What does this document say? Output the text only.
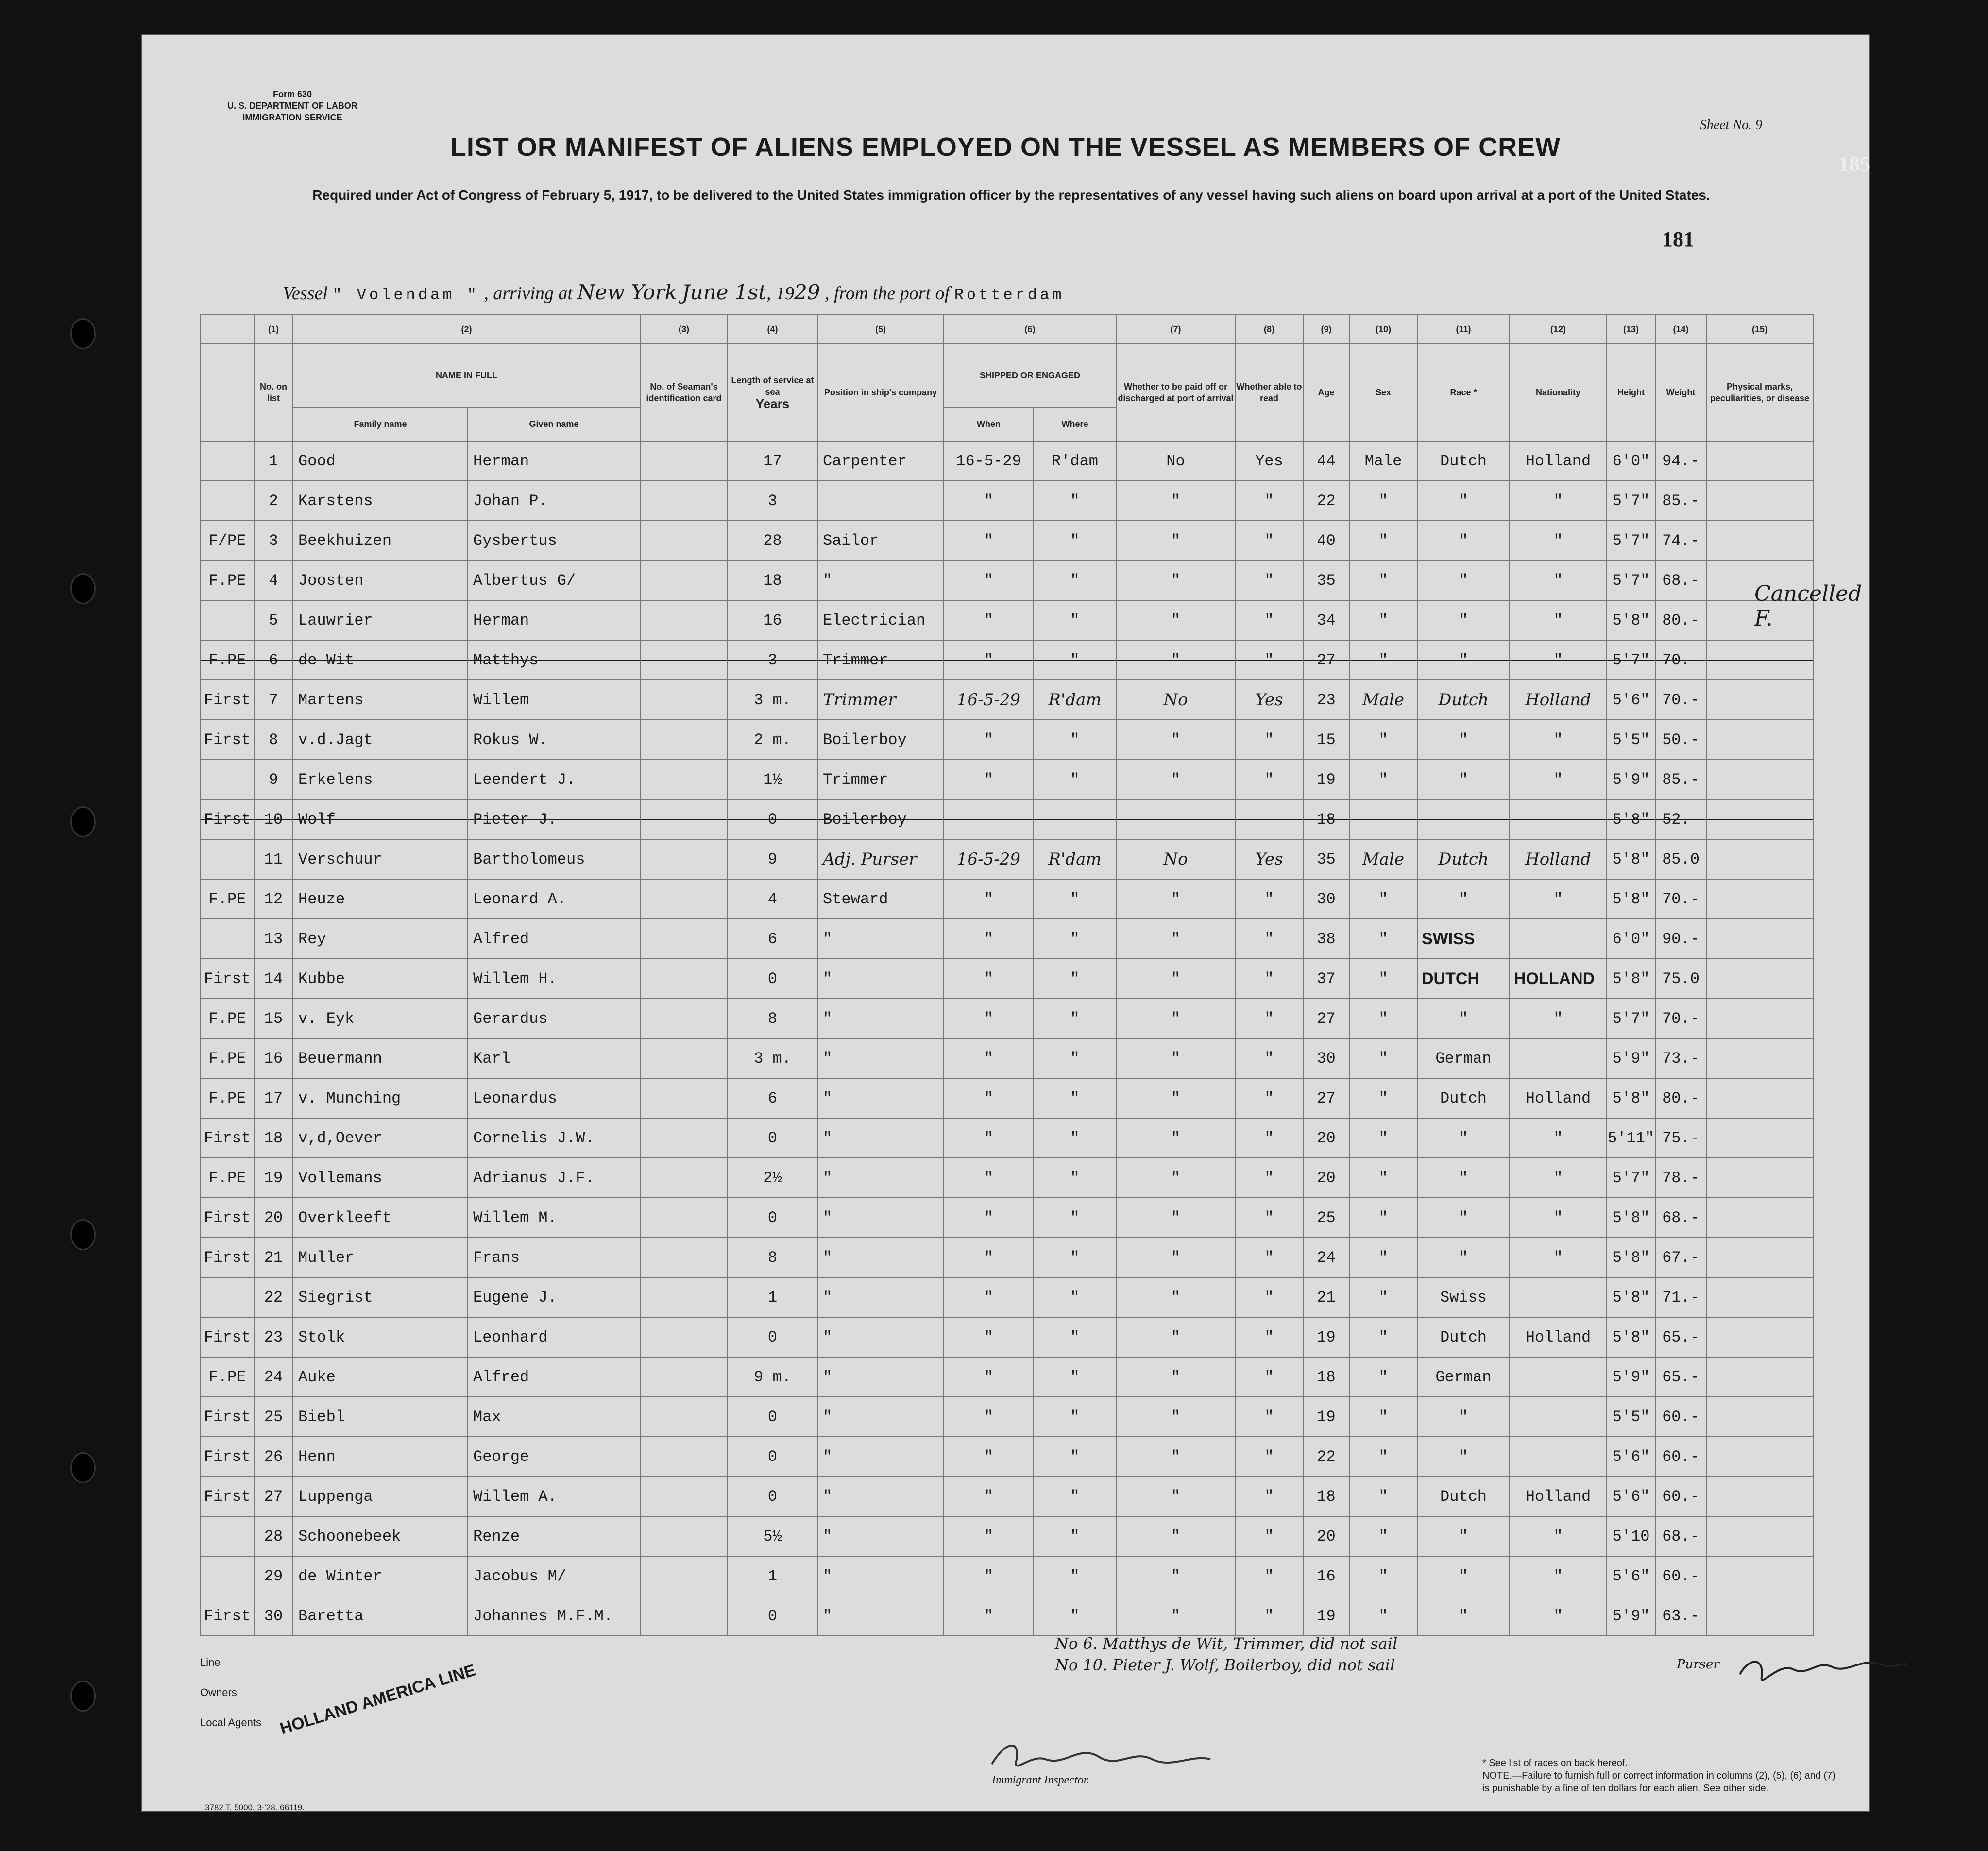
Form 630
U. S. DEPARTMENT OF LABOR
IMMIGRATION SERVICE	Sheet No. 9
185
LIST OR MANIFEST OF ALIENS EMPLOYED ON THE VESSEL AS MEMBERS OF CREW
Required under Act of Congress of February 5, 1917, to be delivered to the United States immigration officer by the representatives of any vessel having such aliens on board upon arrival at a port of the United States.
181
Vessel " Volendam " , arriving at New York June 1st, 1929 , from the port of Rotterdam
	(1)	(2)		(3)	(4)	(5)	(6)		(7)	(8)	(9)	(10)	(11)	(12)	(13)	(14)	(15)
	No. on list	NAME IN FULL		No. of Seaman's identification card	Length of service at sea
Years	Position in ship's company	SHIPPED OR ENGAGED		Whether to be paid off or discharged at port of arrival	Whether able to read	Age	Sex	Race *	Nationality	Height	Weight	Physical marks, peculiarities, or disease
		Family name	Given name				When	Where									
	1	Good	Herman		17	Carpenter	16-5-29	R'dam	No	Yes	44	Male	Dutch	Holland	6'0"	94.-	
	2	Karstens	Johan P.		3		"	"	"	"	22	"	"	"	5'7"	85.-	
F/PE	3	Beekhuizen	Gysbertus		28	Sailor	"	"	"	"	40	"	"	"	5'7"	74.-	
F.PE	4	Joosten	Albertus G/		18	"	"	"	"	"	35	"	"	"	5'7"	68.-	
	5	Lauwrier	Herman		16	Electrician	"	"	"	"	34	"	"	"	5'8"	80.-	
F.PE	6	de Wit	Matthys		3	Trimmer	"	"	"	"	27	"	"	"	5'7"	70.-	
First	7	Martens	Willem		3 m.	Trimmer	16-5-29	R'dam	No	Yes	23	Male	Dutch	Holland	5'6"	70.-	
First	8	v.d.Jagt	Rokus W.		2 m.	Boilerboy	"	"	"	"	15	"	"	"	5'5"	50.-	
	9	Erkelens	Leendert J.		1½	Trimmer	"	"	"	"	19	"	"	"	5'9"	85.-	
First	10	Wolf	Pieter J.		0	Boilerboy					18				5'8"	52.-	
	11	Verschuur	Bartholomeus		9	Adj. Purser	16-5-29	R'dam	No	Yes	35	Male	Dutch	Holland	5'8"	85.0	
F.PE	12	Heuze	Leonard A.		4	Steward	"	"	"	"	30	"	"	"	5'8"	70.-	
	13	Rey	Alfred		6	"	"	"	"	"	38	"	SWISS		6'0"	90.-	
First	14	Kubbe	Willem H.		0	"	"	"	"	"	37	"	DUTCH	HOLLAND	5'8"	75.0	
F.PE	15	v. Eyk	Gerardus		8	"	"	"	"	"	27	"	"	"	5'7"	70.-	
F.PE	16	Beuermann	Karl		3 m.	"	"	"	"	"	30	"	German		5'9"	73.-	
F.PE	17	v. Munching	Leonardus		6	"	"	"	"	"	27	"	Dutch	Holland	5'8"	80.-	
First	18	v,d,Oever	Cornelis J.W.		0	"	"	"	"	"	20	"	"	"	5'11"	75.-	
F.PE	19	Vollemans	Adrianus J.F.		2½	"	"	"	"	"	20	"	"	"	5'7"	78.-	
First	20	Overkleeft	Willem M.		0	"	"	"	"	"	25	"	"	"	5'8"	68.-	
First	21	Muller	Frans		8	"	"	"	"	"	24	"	"	"	5'8"	67.-	
	22	Siegrist	Eugene J.		1	"	"	"	"	"	21	"	Swiss		5'8"	71.-	
First	23	Stolk	Leonhard		0	"	"	"	"	"	19	"	Dutch	Holland	5'8"	65.-	
F.PE	24	Auke	Alfred		9 m.	"	"	"	"	"	18	"	German		5'9"	65.-	
First	25	Biebl	Max		0	"	"	"	"	"	19	"	"		5'5"	60.-	
First	26	Henn	George		0	"	"	"	"	"	22	"	"		5'6"	60.-	
First	27	Luppenga	Willem A.		0	"	"	"	"	"	18	"	Dutch	Holland	5'6"	60.-	
	28	Schoonebeek	Renze		5½	"	"	"	"	"	20	"	"	"	5'10	68.-	
	29	de Winter	Jacobus M/		1	"	"	"	"	"	16	"	"	"	5'6"	60.-	
First	30	Baretta	Johannes M.F.M.		0	"	"	"	"	"	19	"	"	"	5'9"	63.-	
Cancelled F.
Line
Owners
Local Agents HOLLAND AMERICA LINE
Immigrant Inspector.
No 6. Matthys de Wit, Trimmer, did not sail
No 10. Pieter J. Wolf, Boilerboy, did not sail	Purser
* See list of races on back hereof.
NOTE.—Failure to furnish full or correct information in columns (2), (5), (6) and (7)
is punishable by a fine of ten dollars for each alien. See other side.
3782 T. 5000. 3-'28. 66119.
